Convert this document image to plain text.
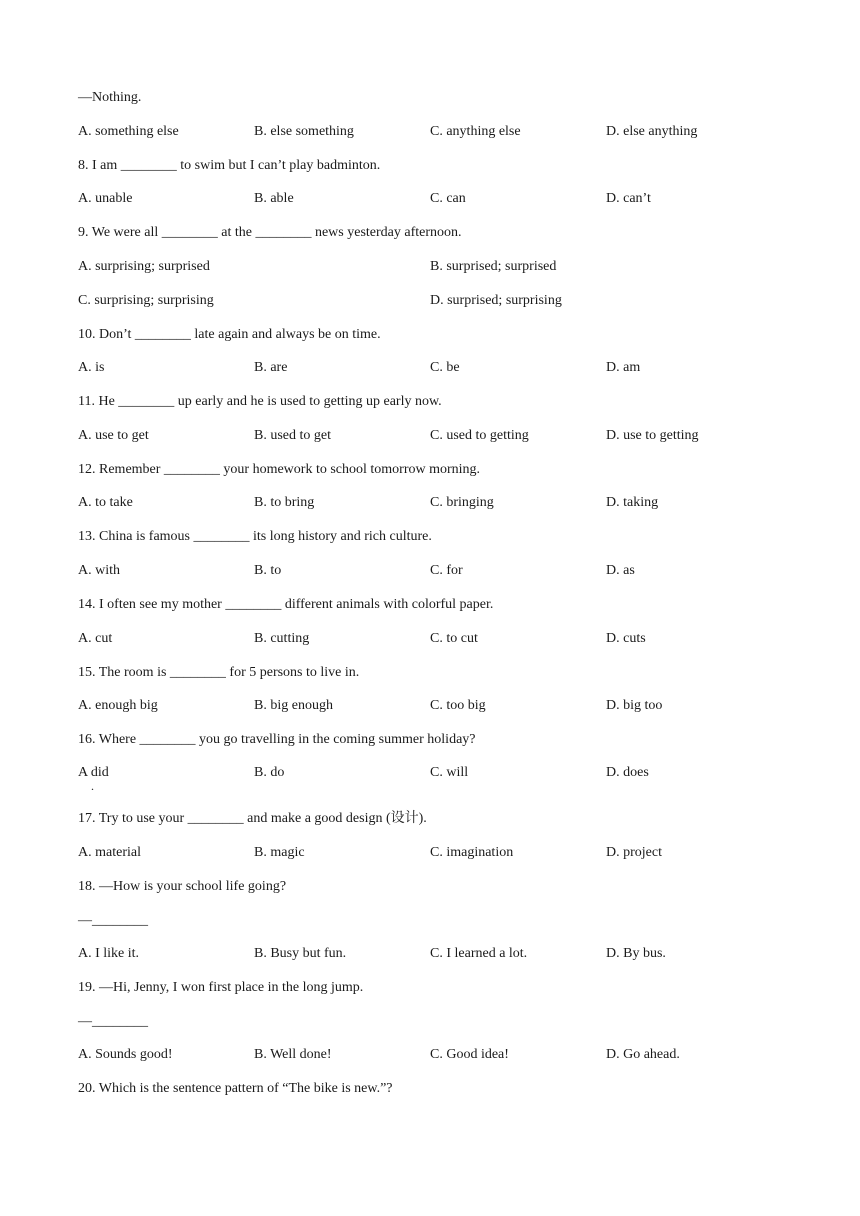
—Nothing.
A. something else	B. else something	C. anything else	D. else anything
8. I am ________ to swim but I can’t play badminton.
A. unable	B. able	C. can	D. can’t
9. We were all ________ at the ________ news yesterday afternoon.
A. surprising; surprised	B. surprised; surprised
C. surprising; surprising	D. surprised; surprising
10. Don’t ________ late again and always be on time.
A. is	B. are	C. be	D. am
11. He ________ up early and he is used to getting up early now.
A. use to get	B. used to get	C. used to getting	D. use to getting
12. Remember ________ your homework to school tomorrow morning.
A. to take	B. to bring	C. bringing	D. taking
13. China is famous ________ its long history and rich culture.
A. with	B. to	C. for	D. as
14. I often see my mother ________ different animals with colorful paper.
A. cut	B. cutting	C. to cut	D. cuts
15. The room is ________ for 5 persons to live in.
A. enough big	B. big enough	C. too big	D. big too
16. Where ________ you go travelling in the coming summer holiday?
A did
.
B. do	C. will	D. does
17. Try to use your ________ and make a good design (设计).
A. material	B. magic	C. imagination	D. project
18. —How is your school life going?
—________
A. I like it.	B. Busy but fun.	C. I learned a lot.	D. By bus.
19. —Hi, Jenny, I won first place in the long jump.
—________
A. Sounds good!	B. Well done!	C. Good idea!	D. Go ahead.
20. Which is the sentence pattern of “The bike is new.”?
